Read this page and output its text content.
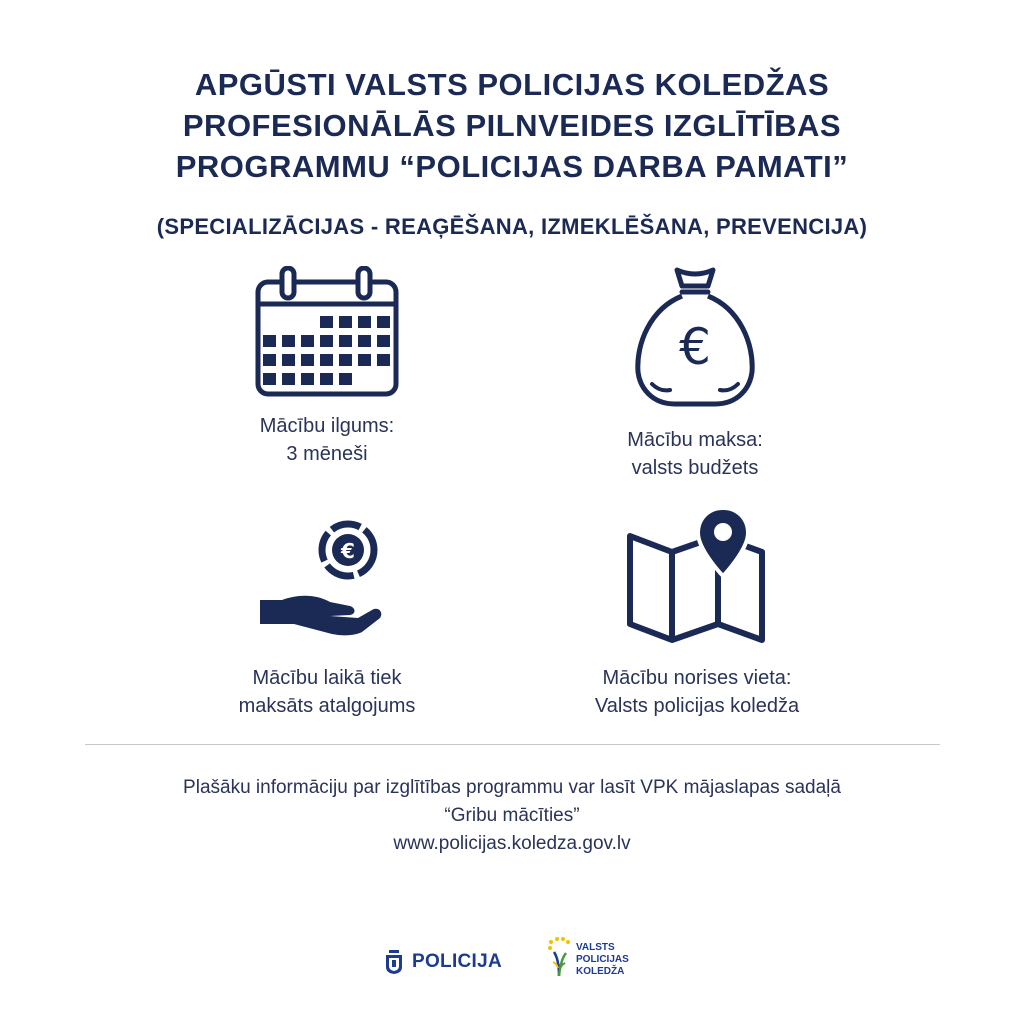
APGŪSTI VALSTS POLICIJAS KOLEDŽAS
PROFESIONĀLĀS PILNVEIDES IZGLĪTĪBAS
PROGRAMMU “POLICIJAS DARBA PAMATI”
(SPECIALIZĀCIJAS - REAĢĒŠANA, IZMEKLĒŠANA, PREVENCIJA)
Mācību ilgums:
3 mēneši
€
Mācību maksa:
valsts budžets
€
Mācību laikā tiek
maksāts atalgojums
Mācību norises vieta:
Valsts policijas koledža
Plašāku informāciju par izglītības programmu var lasīt VPK mājaslapas sadaļā
“Gribu mācīties”
www.policijas.koledza.gov.lv
POLICIJA
VALSTS
POLICIJAS
KOLEDŽA
